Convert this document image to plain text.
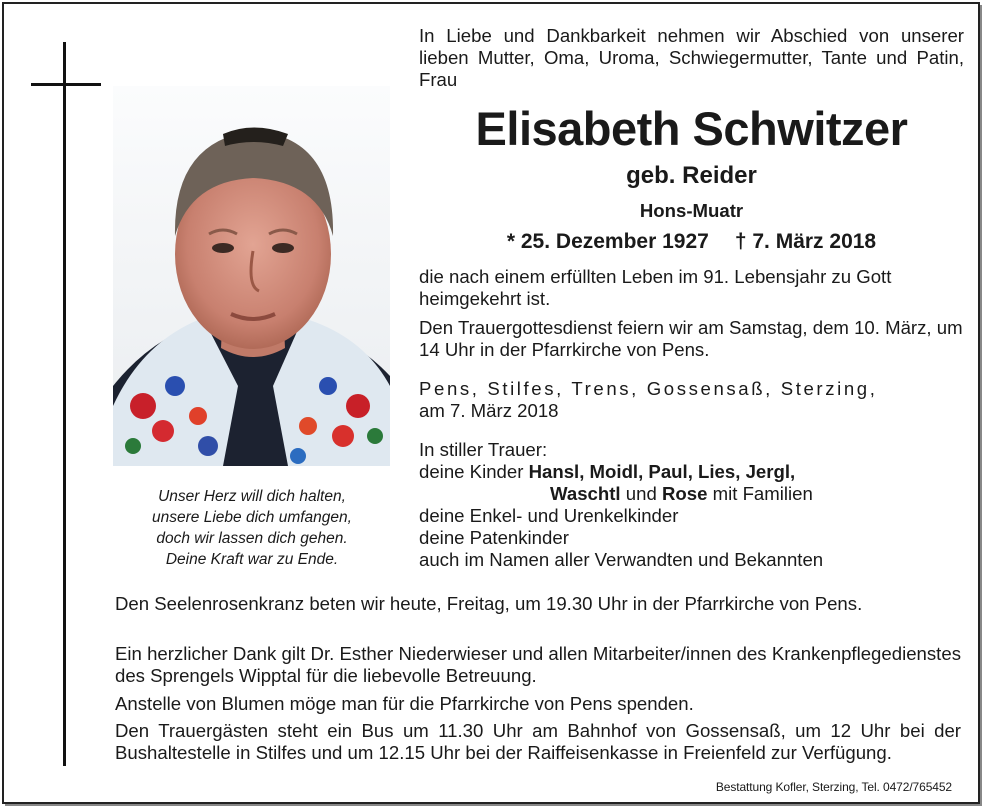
Unser Herz will dich halten,
unsere Liebe dich umfangen,
doch wir lassen dich gehen.
Deine Kraft war zu Ende.
In Liebe und Dankbarkeit nehmen wir Abschied von unserer lieben Mutter, Oma, Uroma, Schwiegermutter, Tante und Patin, Frau
Elisabeth Schwitzer
geb. Reider
Hons-Muatr
* 25. Dezember 1927 † 7. März 2018
die nach einem erfüllten Leben im 91. Lebensjahr zu Gott heimgekehrt ist.
Den Trauergottesdienst feiern wir am Samstag, dem 10. März, um 14 Uhr in der Pfarrkirche von Pens.
Pens, Stilfes, Trens, Gossensaß, Sterzing,
am 7. März 2018
In stiller Trauer:
deine Kinder Hansl, Moidl, Paul, Lies, Jergl,
Waschtl und Rose mit Familien
deine Enkel- und Urenkelkinder
deine Patenkinder
auch im Namen aller Verwandten und Bekannten
Den Seelenrosenkranz beten wir heute, Freitag, um 19.30 Uhr in der Pfarrkirche von Pens.
Ein herzlicher Dank gilt Dr. Esther Niederwieser und allen Mitarbeiter/innen des Krankenpflegedienstes des Sprengels Wipptal für die liebevolle Betreuung.
Anstelle von Blumen möge man für die Pfarrkirche von Pens spenden.
Den Trauergästen steht ein Bus um 11.30 Uhr am Bahnhof von Gossensaß, um 12 Uhr bei der Bushaltestelle in Stilfes und um 12.15 Uhr bei der Raiffeisenkasse in Freienfeld zur Verfügung.
Bestattung Kofler, Sterzing, Tel. 0472/765452
